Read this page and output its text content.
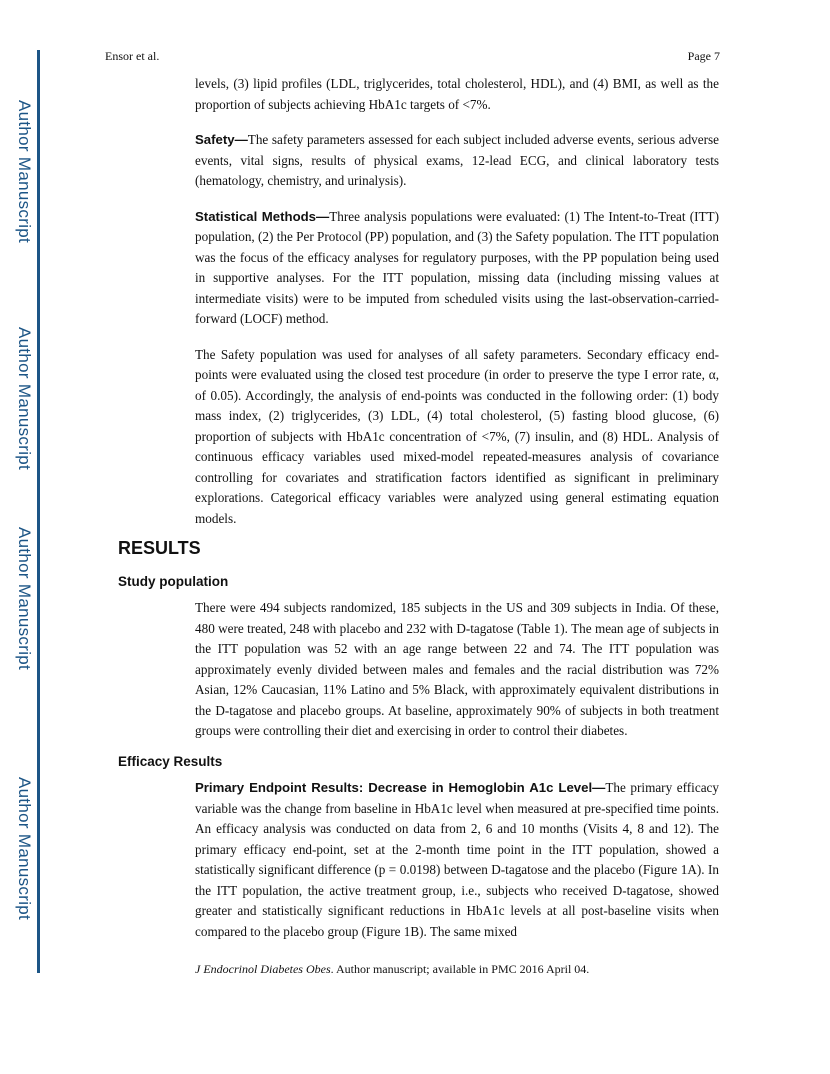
Author Manuscript
Author Manuscript
Author Manuscript
Author Manuscript
Ensor et al.	Page 7

levels, (3) lipid profiles (LDL, triglycerides, total cholesterol, HDL), and (4) BMI, as well as the proportion of subjects achieving HbA1c targets of <7%.

Safety—The safety parameters assessed for each subject included adverse events, serious adverse events, vital signs, results of physical exams, 12-lead ECG, and clinical laboratory tests (hematology, chemistry, and urinalysis).

Statistical Methods—Three analysis populations were evaluated: (1) The Intent-to-Treat (ITT) population, (2) the Per Protocol (PP) population, and (3) the Safety population. The ITT population was the focus of the efficacy analyses for regulatory purposes, with the PP population being used in supportive analyses. For the ITT population, missing data (including missing values at intermediate visits) were to be imputed from scheduled visits using the last-observation-carried-forward (LOCF) method.

The Safety population was used for analyses of all safety parameters. Secondary efficacy end-points were evaluated using the closed test procedure (in order to preserve the type I error rate, α, of 0.05). Accordingly, the analysis of end-points was conducted in the following order: (1) body mass index, (2) triglycerides, (3) LDL, (4) total cholesterol, (5) fasting blood glucose, (6) proportion of subjects with HbA1c concentration of <7%, (7) insulin, and (8) HDL. Analysis of continuous efficacy variables used mixed-model repeated-measures analysis of covariance controlling for covariates and stratification factors identified as significant in preliminary explorations. Categorical efficacy variables were analyzed using general estimating equation models.

RESULTS
Study population

There were 494 subjects randomized, 185 subjects in the US and 309 subjects in India. Of these, 480 were treated, 248 with placebo and 232 with D-tagatose (Table 1). The mean age of subjects in the ITT population was 52 with an age range between 22 and 74. The ITT population was approximately evenly divided between males and females and the racial distribution was 72% Asian, 12% Caucasian, 11% Latino and 5% Black, with approximately equivalent distributions in the D-tagatose and placebo groups. At baseline, approximately 90% of subjects in both treatment groups were controlling their diet and exercising in order to control their diabetes.

Efficacy Results

Primary Endpoint Results: Decrease in Hemoglobin A1c Level—The primary efficacy variable was the change from baseline in HbA1c level when measured at pre-specified time points. An efficacy analysis was conducted on data from 2, 6 and 10 months (Visits 4, 8 and 12). The primary efficacy end-point, set at the 2-month time point in the ITT population, showed a statistically significant difference (p = 0.0198) between D-tagatose and the placebo (Figure 1A). In the ITT population, the active treatment group, i.e., subjects who received D-tagatose, showed greater and statistically significant reductions in HbA1c levels at all post-baseline visits when compared to the placebo group (Figure 1B). The same mixed

J Endocrinol Diabetes Obes. Author manuscript; available in PMC 2016 April 04.
